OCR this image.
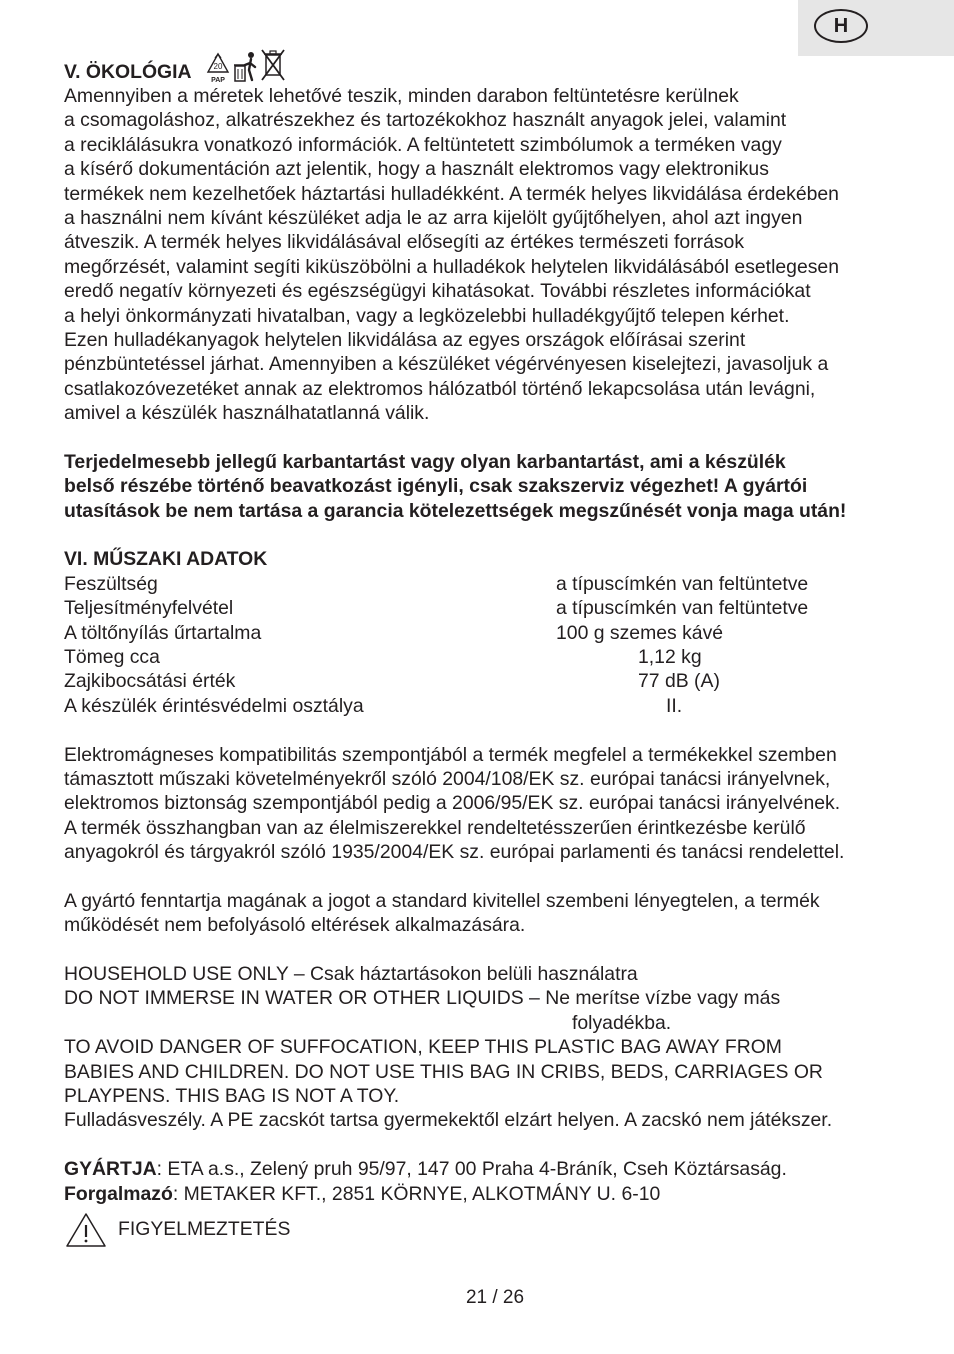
H
V. ÖKOLÓGIA	20
PAP
Amennyiben a méretek lehetővé teszik, minden darabon feltüntetésre kerülnek
a csomagoláshoz, alkatrészekhez és tartozékokhoz használt anyagok jelei, valamint
a reciklálásukra vonatkozó információk. A feltüntetett szimbólumok a terméken vagy
a kísérő dokumentáción azt jelentik, hogy a használt elektromos vagy elektronikus
termékek nem kezelhetőek háztartási hulladékként. A termék helyes likvidálása érdekében
a használni nem kívánt készüléket adja le az arra kijelölt gyűjtőhelyen, ahol azt ingyen
átveszik. A termék helyes likvidálásával elősegíti az értékes természeti források
megőrzését, valamint segíti kiküszöbölni a hulladékok helytelen likvidálásából esetlegesen
eredő negatív környezeti és egészségügyi kihatásokat. További részletes információkat
a helyi önkormányzati hivatalban, vagy a legközelebbi hulladékgyűjtő telepen kérhet.
Ezen hulladékanyagok helytelen likvidálása az egyes országok előírásai szerint
pénzbüntetéssel járhat. Amennyiben a készüléket végérvényesen kiselejtezi, javasoljuk a
csatlakozóvezetéket annak az elektromos hálózatból történő lekapcsolása után levágni,
amivel a készülék használhatatlanná válik.
Terjedelmesebb jellegű karbantartást vagy olyan karbantartást, ami a készülék
belső részébe történő beavatkozást igényli, csak szakszerviz végezhet! A gyártói
utasítások be nem tartása a garancia kötelezettségek megszűnését vonja maga után!
VI. MŰSZAKI ADATOK
Feszültség	a típuscímkén van feltüntetve
Teljesítményfelvétel	a típuscímkén van feltüntetve
A töltőnyílás űrtartalma	100 g szemes kávé
Tömeg cca	1,12 kg
Zajkibocsátási érték	77 dB (A)
A készülék érintésvédelmi osztálya	II.
Elektromágneses kompatibilitás szempontjából a termék megfelel a termékekkel szemben
támasztott műszaki követelményekről szóló 2004/108/EK sz. európai tanácsi irányelvnek,
elektromos biztonság szempontjából pedig a 2006/95/EK sz. európai tanácsi irányelvének.
A termék összhangban van az élelmiszerekkel rendeltetésszerűen érintkezésbe kerülő
anyagokról és tárgyakról szóló 1935/2004/EK sz. európai parlamenti és tanácsi rendelettel.
A gyártó fenntartja magának a jogot a standard kivitellel szembeni lényegtelen, a termék
működését nem befolyásoló eltérések alkalmazására.
HOUSEHOLD USE ONLY – Csak háztartásokon belüli használatra
DO NOT IMMERSE IN WATER OR OTHER LIQUIDS – Ne merítse vízbe vagy más
folyadékba.
TO AVOID DANGER OF SUFFOCATION, KEEP THIS PLASTIC BAG AWAY FROM
BABIES AND CHILDREN. DO NOT USE THIS BAG IN CRIBS, BEDS, CARRIAGES OR
PLAYPENS. THIS BAG IS NOT A TOY.
Fulladásveszély. A PE zacskót tartsa gyermekektől elzárt helyen. A zacskó nem játékszer.
GYÁRTJA: ETA a.s., Zelený pruh 95/97, 147 00 Praha 4-Bráník, Cseh Köztársaság.
Forgalmazó: METAKER KFT., 2851 KÖRNYE, ALKOTMÁNY U. 6-10
FIGYELMEZTETÉS
21 / 26
